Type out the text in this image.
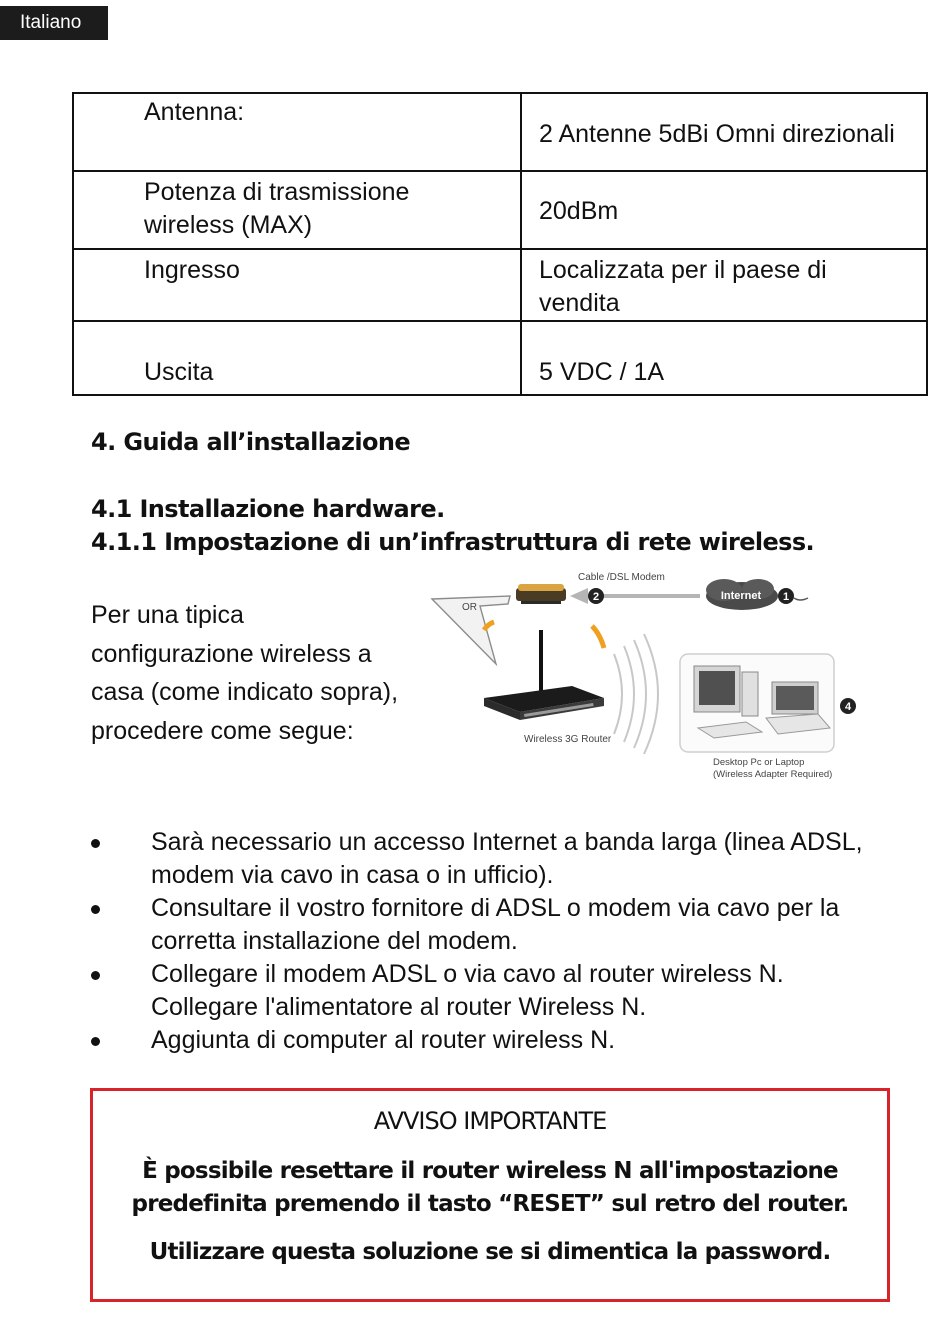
Italiano
Antenna:	2 Antenne 5dBi Omni direzionali

Potenza di trasmissione wireless (MAX)	20dBm

Ingresso	Localizzata per il paese di vendita

Uscita	5 VDC / 1A
4. Guida all’installazione
4.1 Installazione hardware.
4.1.1 Impostazione di un’infrastruttura di rete wireless.

Per una tipica configurazione wireless a casa (come indicato sopra), procedere come segue:

OR
Cable /DSL Modem
2	Internet 1
Wireless 3G Router
4
Desktop Pc or Laptop
(Wireless Adapter Required)
Sarà necessario un accesso Internet a banda larga (linea ADSL, modem via cavo in casa o in ufficio).
Consultare il vostro fornitore di ADSL o modem via cavo per la corretta installazione del modem.
Collegare il modem ADSL o via cavo al router wireless N. Collegare l'alimentatore al router Wireless N.
Aggiunta di computer al router wireless N.
AVVISO IMPORTANTE
È possibile resettare il router wireless N all'impostazione
predefinita premendo il tasto “RESET” sul retro del router.
Utilizzare questa soluzione se si dimentica la password.
